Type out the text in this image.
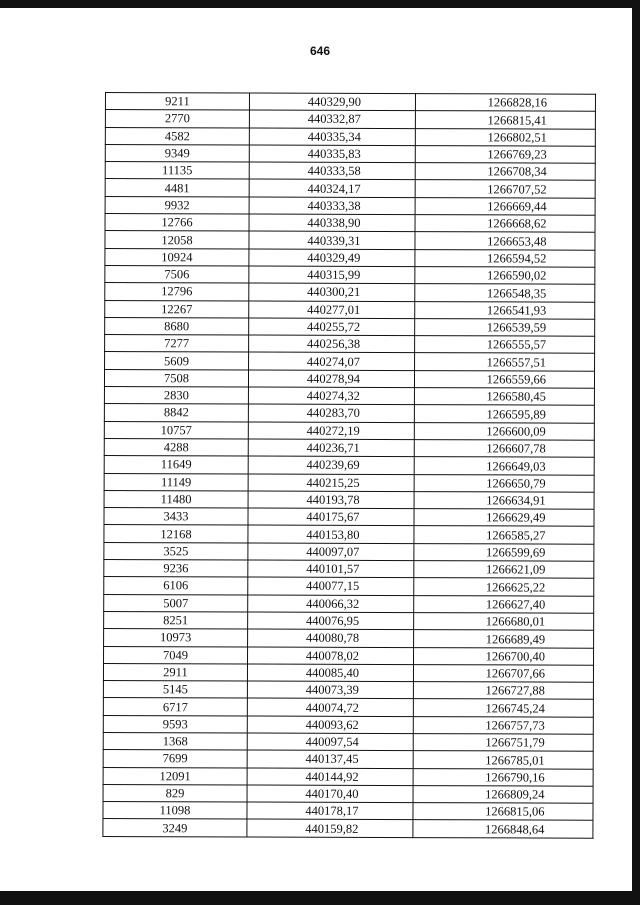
646
9211	440329,90	1266828,16
2770	440332,87	1266815,41
4582	440335,34	1266802,51
9349	440335,83	1266769,23
11135	440333,58	1266708,34
4481	440324,17	1266707,52
9932	440333,38	1266669,44
12766	440338,90	1266668,62
12058	440339,31	1266653,48
10924	440329,49	1266594,52
7506	440315,99	1266590,02
12796	440300,21	1266548,35
12267	440277,01	1266541,93
8680	440255,72	1266539,59
7277	440256,38	1266555,57
5609	440274,07	1266557,51
7508	440278,94	1266559,66
2830	440274,32	1266580,45
8842	440283,70	1266595,89
10757	440272,19	1266600,09
4288	440236,71	1266607,78
11649	440239,69	1266649,03
11149	440215,25	1266650,79
11480	440193,78	1266634,91
3433	440175,67	1266629,49
12168	440153,80	1266585,27
3525	440097,07	1266599,69
9236	440101,57	1266621,09
6106	440077,15	1266625,22
5007	440066,32	1266627,40
8251	440076,95	1266680,01
10973	440080,78	1266689,49
7049	440078,02	1266700,40
2911	440085,40	1266707,66
5145	440073,39	1266727,88
6717	440074,72	1266745,24
9593	440093,62	1266757,73
1368	440097,54	1266751,79
7699	440137,45	1266785,01
12091	440144,92	1266790,16
829	440170,40	1266809,24
11098	440178,17	1266815,06
3249	440159,82	1266848,64
